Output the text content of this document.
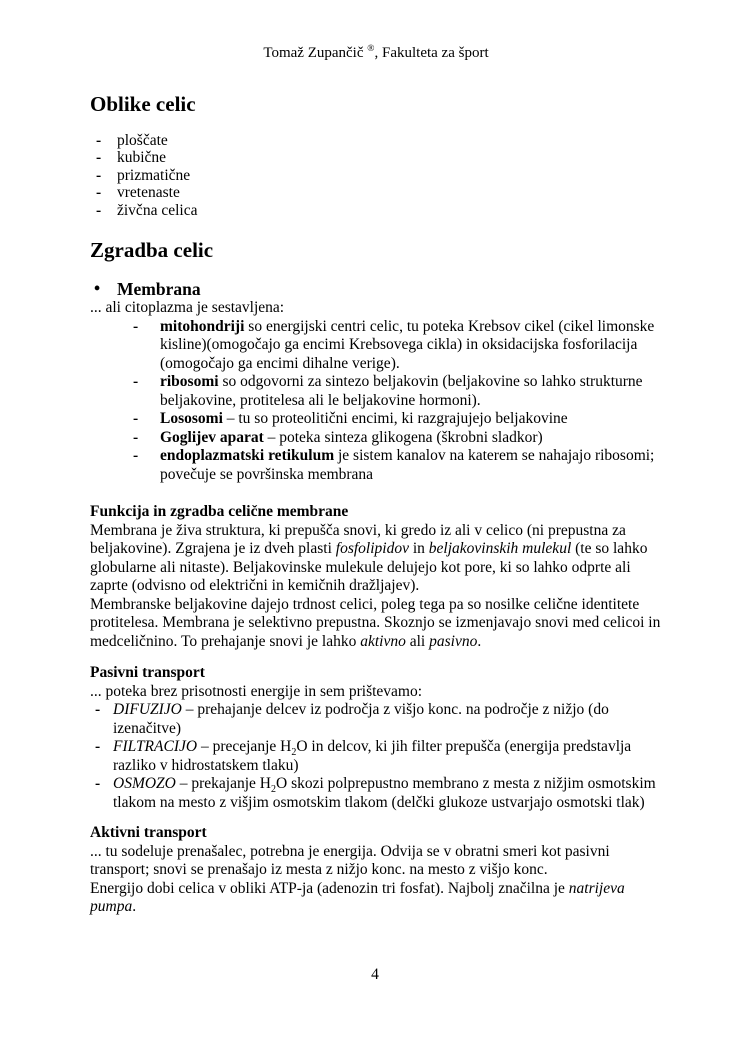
Tomaž Zupančič ®, Fakulteta za šport
Oblike celic
- ploščate
- kubične
- prizmatične
- vretenaste
- živčna celica
Zgradba celic
• Membrana

... ali citoplazma je sestavljena:

- mitohondriji so energijski centri celic, tu poteka Krebsov cikel (cikel limonske kisline)(omogočajo ga encimi Krebsovega cikla) in oksidacijska fosforilacija (omogočajo ga encimi dihalne verige).
- ribosomi so odgovorni za sintezo beljakovin (beljakovine so lahko strukturne beljakovine, protitelesa ali le beljakovine hormoni).
- Lososomi – tu so proteolitični encimi, ki razgrajujejo beljakovine
- Goglijev aparat – poteka sinteza glikogena (škrobni sladkor)
- endoplazmatski retikulum je sistem kanalov na katerem se nahajajo ribosomi; povečuje se površinska membrana

Funkcija in zgradba celične membrane

Membrana je živa struktura, ki prepušča snovi, ki gredo iz ali v celico (ni prepustna za beljakovine). Zgrajena je iz dveh plasti fosfolipidov in beljakovinskih mulekul (te so lahko globularne ali nitaste). Beljakovinske mulekule delujejo kot pore, ki so lahko odprte ali zaprte (odvisno od električni in kemičnih dražljajev).

Membranske beljakovine dajejo trdnost celici, poleg tega pa so nosilke celične identitete protitelesa. Membrana je selektivno prepustna. Skoznjo se izmenjavajo snovi med celicoi in medceličnino. To prehajanje snovi je lahko aktivno ali pasivno.

Pasivni transport

... poteka brez prisotnosti energije in sem prištevamo:

- DIFUZIJO – prehajanje delcev iz področja z višjo konc. na področje z nižjo (do izenačitve)
- FILTRACIJO – precejanje $H_2O$ in delcov, ki jih filter prepušča (energija predstavlja razliko v hidrostatskem tlaku)
- OSMOZO – prekajanje $H_2O$ skozi polprepustno membrano z mesta z nižjim osmotskim tlakom na mesto z višjim osmotskim tlakom (delčki glukoze ustvarjajo osmotski tlak)

Aktivni transport

... tu sodeluje prenašalec, potrebna je energija. Odvija se v obratni smeri kot pasivni transport; snovi se prenašajo iz mesta z nižjo konc. na mesto z višjo konc.

Energijo dobi celica v obliki ATP-ja (adenozin tri fosfat). Najbolj značilna je natrijeva pumpa.

4
